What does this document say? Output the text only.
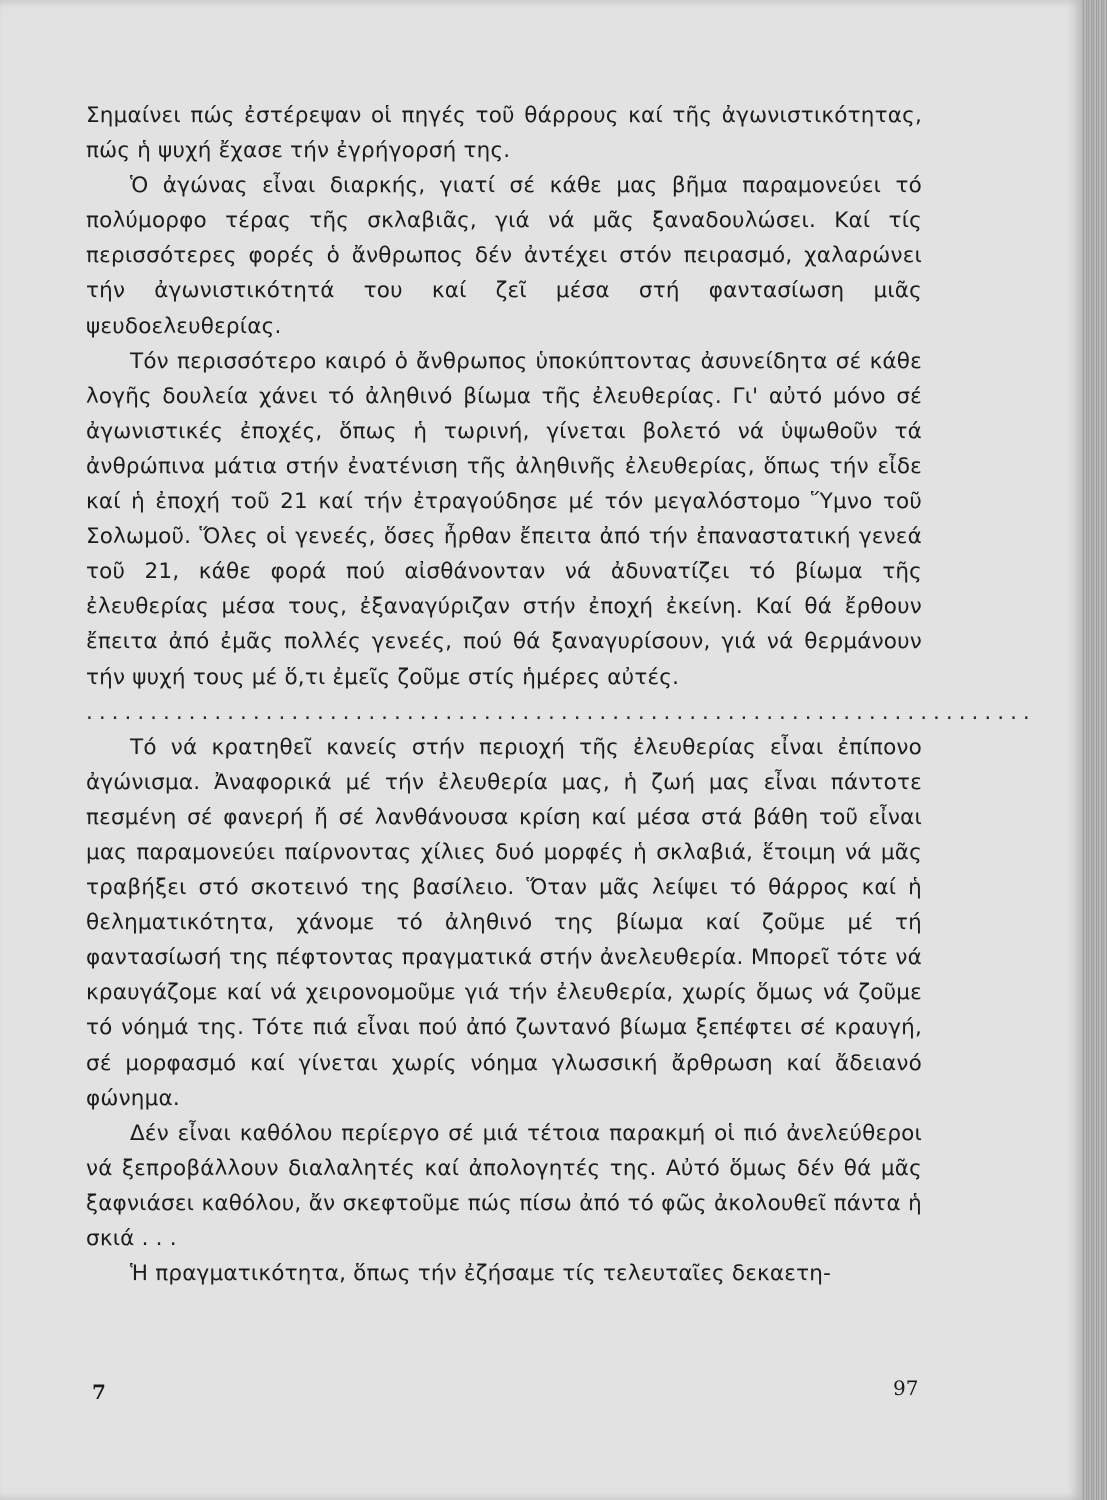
Σημαίνει πώς ἐστέρεψαν οἱ πηγές τοῦ θάρρους καί τῆς ἀγωνιστικότητας, πώς ἡ ψυχή ἔχασε τήν ἐγρήγορσή της.

Ὁ ἀγώνας εἶναι διαρκής, γιατί σέ κάθε μας βῆμα παραμονεύει τό πολύμορφο τέρας τῆς σκλαβιᾶς, γιά νά μᾶς ξαναδουλώσει. Καί τίς περισσότερες φορές ὁ ἄνθρωπος δέν ἀντέχει στόν πειρασμό, χαλαρώνει τήν ἀγωνιστικότητά του καί ζεῖ μέσα στή φαντασίωση μιᾶς ψευδοελευθερίας.

Τόν περισσότερο καιρό ὁ ἄνθρωπος ὑποκύπτοντας ἀσυνείδητα σέ κάθε λογῆς δουλεία χάνει τό ἀληθινό βίωμα τῆς ἐλευθερίας. Γι' αὐτό μόνο σέ ἀγωνιστικές ἐποχές, ὅπως ἡ τωρινή, γίνεται βολετό νά ὑψωθοῦν τά ἀνθρώπινα μάτια στήν ἐνατένιση τῆς ἀληθινῆς ἐλευθερίας, ὅπως τήν εἶδε καί ἡ ἐποχή τοῦ 21 καί τήν ἐτραγούδησε μέ τόν μεγαλόστομο Ὕμνο τοῦ Σολωμοῦ. Ὅλες οἱ γενεές, ὅσες ἦρθαν ἔπειτα ἀπό τήν ἐπαναστατική γενεά τοῦ 21, κάθε φορά πού αἰσθάνονταν νά ἀδυνατίζει τό βίωμα τῆς ἐλευθερίας μέσα τους, ἐξαναγύριζαν στήν ἐποχή ἐκείνη. Καί θά ἔρθουν ἔπειτα ἀπό ἐμᾶς πολλές γενεές, πού θά ξαναγυρίσουν, γιά νά θερμάνουν τήν ψυχή τους μέ ὅ,τι ἐμεῖς ζοῦμε στίς ἡμέρες αὐτές.

..........................................................................

Τό νά κρατηθεῖ κανείς στήν περιοχή τῆς ἐλευθερίας εἶναι ἐπίπονο ἀγώνισμα. Ἀναφορικά μέ τήν ἐλευθερία μας, ἡ ζωή μας εἶναι πάντοτε πεσμένη σέ φανερή ἤ σέ λανθάνουσα κρίση καί μέσα στά βάθη τοῦ εἶναι μας παραμονεύει παίρνοντας χίλιες δυό μορφές ἡ σκλαβιά, ἕτοιμη νά μᾶς τραβήξει στό σκοτεινό της βασίλειο. Ὅταν μᾶς λείψει τό θάρρος καί ἡ θεληματικότητα, χάνομε τό ἀληθινό της βίωμα καί ζοῦμε μέ τή φαντασίωσή της πέφτοντας πραγματικά στήν ἀνελευθερία. Μπορεῖ τότε νά κραυγάζομε καί νά χειρονομοῦμε γιά τήν ἐλευθερία, χωρίς ὅμως νά ζοῦμε τό νόημά της. Τότε πιά εἶναι πού ἀπό ζωντανό βίωμα ξεπέφτει σέ κραυγή, σέ μορφασμό καί γίνεται χωρίς νόημα γλωσσική ἄρθρωση καί ἄδειανό φώνημα.

Δέν εἶναι καθόλου περίεργο σέ μιά τέτοια παρακμή οἱ πιό ἀνελεύθεροι νά ξεπροβάλλουν διαλαλητές καί ἀπολογητές της. Αὐτό ὅμως δέν θά μᾶς ξαφνιάσει καθόλου, ἄν σκεφτοῦμε πώς πίσω ἀπό τό φῶς ἀκολουθεῖ πάντα ἡ σκιά . . .

Ἡ πραγματικότητα, ὅπως τήν ἐζήσαμε τίς τελευταῖες δεκαετη-

7	97
